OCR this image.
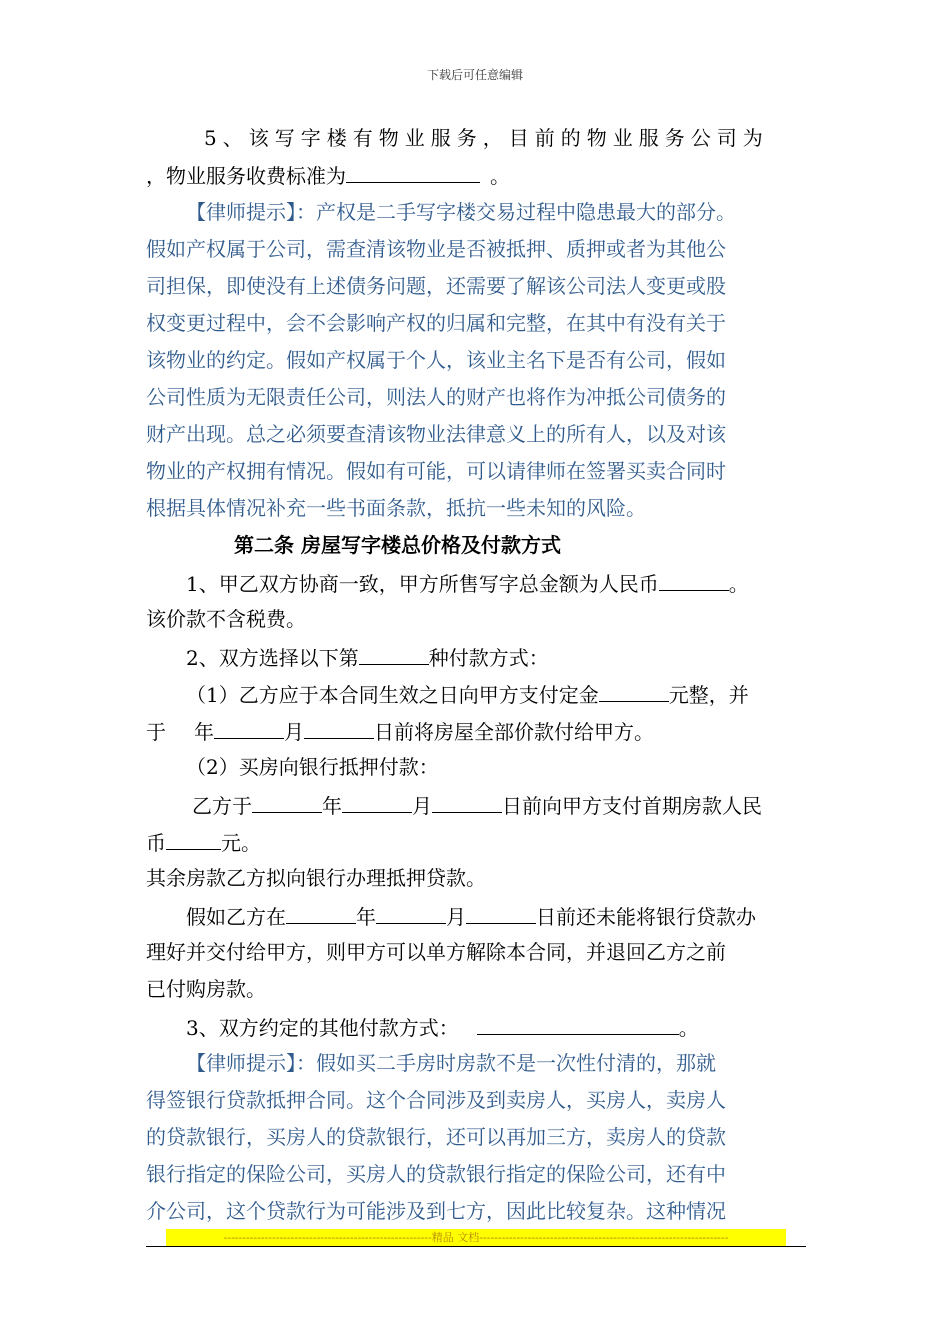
下载后可任意编辑
5、该写字楼有物业服务，目前的物业服务公司为
，物业服务收费标准为	。
【律师提示】：产权是二手写字楼交易过程中隐患最大的部分。
假如产权属于公司，需查清该物业是否被抵押、质押或者为其他公
司担保，即使没有上述债务问题，还需要了解该公司法人变更或股
权变更过程中，会不会影响产权的归属和完整，在其中有没有关于
该物业的约定。假如产权属于个人，该业主名下是否有公司，假如
公司性质为无限责任公司，则法人的财产也将作为冲抵公司债务的
财产出现。总之必须要查清该物业法律意义上的所有人，以及对该
物业的产权拥有情况。假如有可能，可以请律师在签署买卖合同时
根据具体情况补充一些书面条款，抵抗一些未知的风险。
第二条 房屋写字楼总价格及付款方式
1、甲乙双方协商一致，甲方所售写字总金额为人民币	。
该价款不含税费。
2、双方选择以下第	种付款方式：
（1）乙方应于本合同生效之日向甲方支付定金	元整，并
于 年	月	日前将房屋全部价款付给甲方。
（2）买房向银行抵押付款：
乙方于	年	月	日前向甲方支付首期房款人民
币	元。
其余房款乙方拟向银行办理抵押贷款。
假如乙方在	年	月	日前还未能将银行贷款办
理好并交付给甲方，则甲方可以单方解除本合同，并退回乙方之前
已付购房款。
3、双方约定的其他付款方式：	。
【律师提示】：假如买二手房时房款不是一次性付清的，那就
得签银行贷款抵押合同。这个合同涉及到卖房人，买房人，卖房人
的贷款银行，买房人的贷款银行，还可以再加三方，卖房人的贷款
银行指定的保险公司，买房人的贷款银行指定的保险公司，还有中
介公司，这个贷款行为可能涉及到七方，因此比较复杂。这种情况
--------------------------------------------------------精品 文档-------------------------------------------------------------------
